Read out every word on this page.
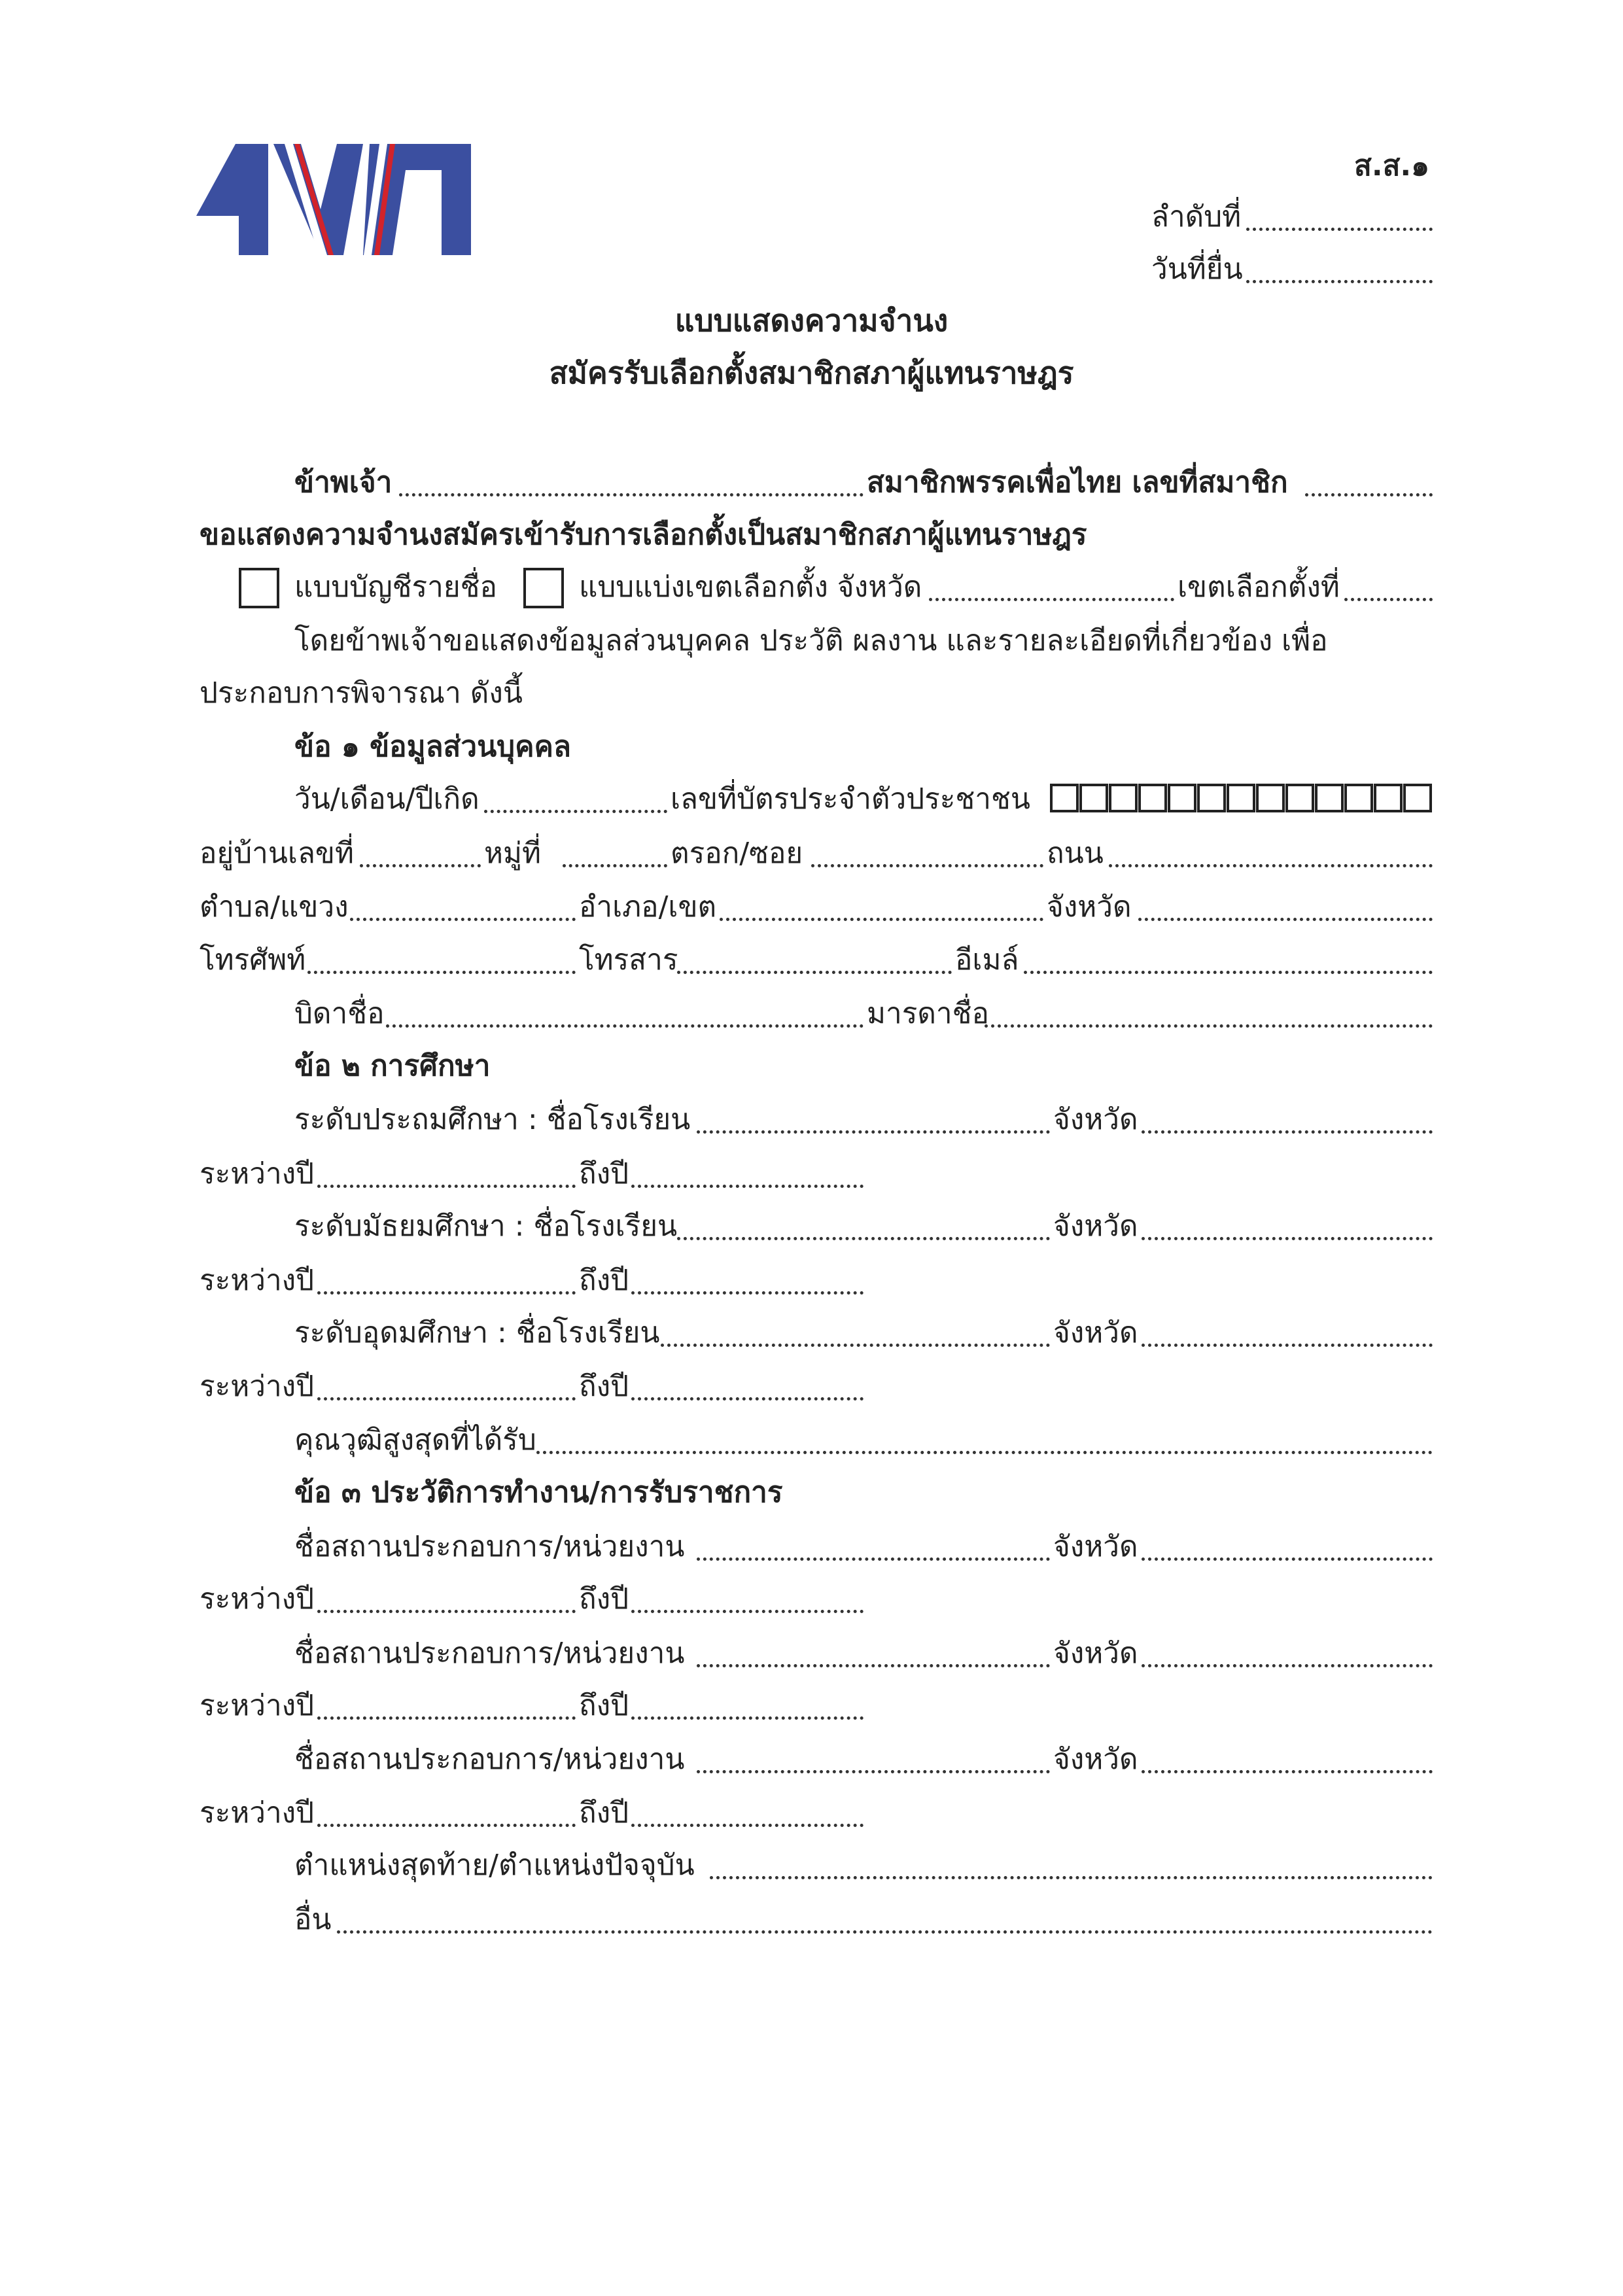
ส.ส.๑
ลำดับที่
วันที่ยื่น
แบบแสดงความจำนง
สมัครรับเลือกตั้งสมาชิกสภาผู้แทนราษฎร
ข้าพเจ้า	สมาชิกพรรคเพื่อไทย เลขที่สมาชิก
ขอแสดงความจำนงสมัครเข้ารับการเลือกตั้งเป็นสมาชิกสภาผู้แทนราษฎร
แบบบัญชีรายชื่อ	แบบแบ่งเขตเลือกตั้ง จังหวัด	เขตเลือกตั้งที่
โดยข้าพเจ้าขอแสดงข้อมูลส่วนบุคคล ประวัติ ผลงาน และรายละเอียดที่เกี่ยวข้อง เพื่อ
ประกอบการพิจารณา ดังนี้
ข้อ ๑ ข้อมูลส่วนบุคคล
วัน/เดือน/ปีเกิด	เลขที่บัตรประจำตัวประชาชน
อยู่บ้านเลขที่	หมู่ที่	ตรอก/ซอย	ถนน
ตำบล/แขวง	อำเภอ/เขต	จังหวัด
โทรศัพท์	โทรสาร	อีเมล์
บิดาชื่อ	มารดาชื่อ
ข้อ ๒ การศึกษา
ระดับประถมศึกษา : ชื่อโรงเรียน	จังหวัด
ระหว่างปี	ถึงปี
ระดับมัธยมศึกษา : ชื่อโรงเรียน	จังหวัด
ระหว่างปี	ถึงปี
ระดับอุดมศึกษา : ชื่อโรงเรียน	จังหวัด
ระหว่างปี	ถึงปี
คุณวุฒิสูงสุดที่ได้รับ
ข้อ ๓ ประวัติการทำงาน/การรับราชการ
ชื่อสถานประกอบการ/หน่วยงาน	จังหวัด
ระหว่างปี	ถึงปี
ชื่อสถานประกอบการ/หน่วยงาน	จังหวัด
ระหว่างปี	ถึงปี
ชื่อสถานประกอบการ/หน่วยงาน	จังหวัด
ระหว่างปี	ถึงปี
ตำแหน่งสุดท้าย/ตำแหน่งปัจจุบัน
อื่น
